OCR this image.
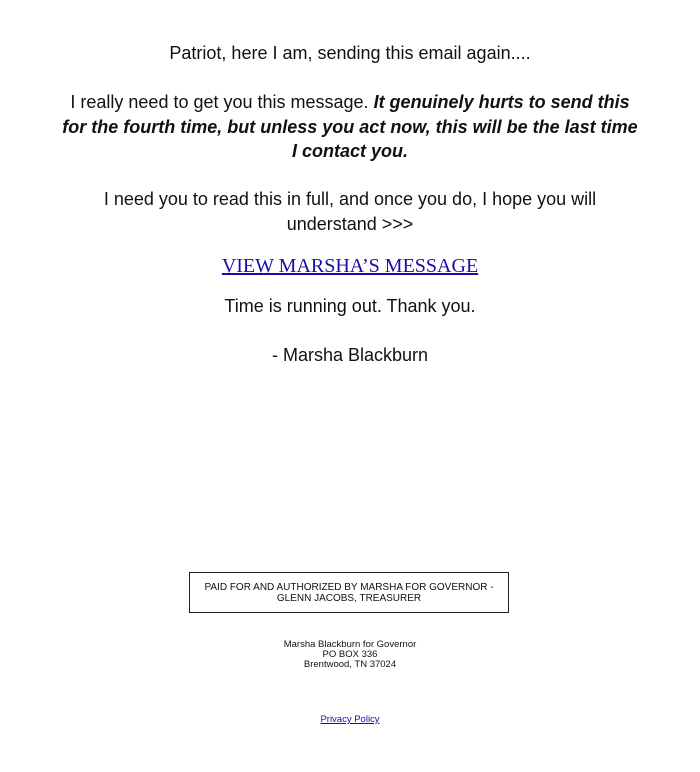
Patriot, here I am, sending this email again....

I really need to get you this message. It genuinely hurts to send this for the fourth time, but unless you act now, this will be the last time I contact you.

I need you to read this in full, and once you do, I hope you will understand >>>

VIEW MARSHA’S MESSAGE

Time is running out. Thank you.

- Marsha Blackburn

PAID FOR AND AUTHORIZED BY MARSHA FOR GOVERNOR - GLENN JACOBS, TREASURER
Marsha Blackburn for Governor
PO BOX 336
Brentwood, TN 37024
Privacy Policy
